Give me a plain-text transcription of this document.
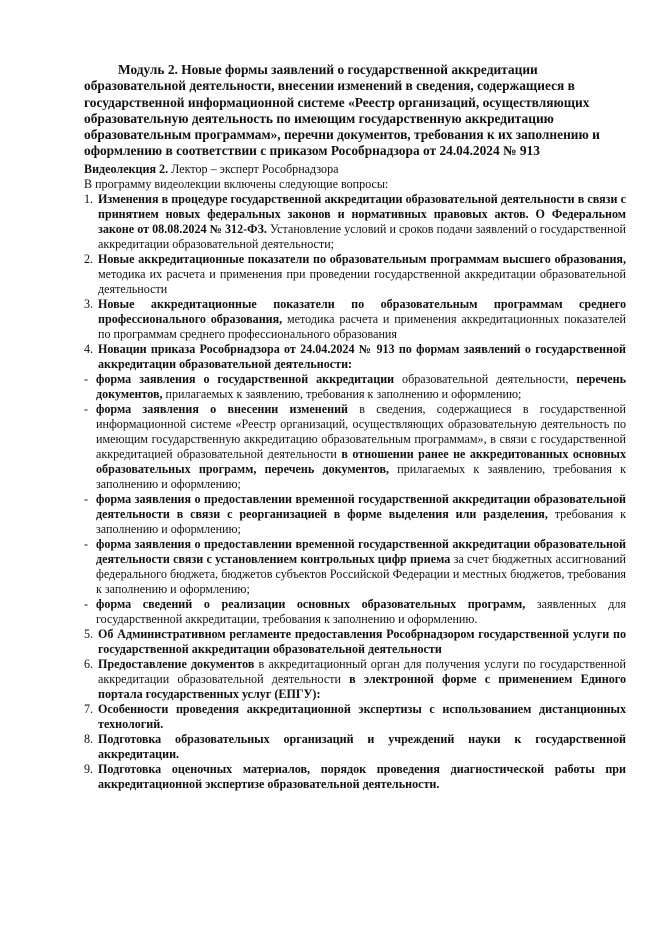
Модуль 2. Новые формы заявлений о государственной аккредитации образовательной деятельности, внесении изменений в сведения, содержащиеся в государственной информационной системе «Реестр организаций, осуществляющих образовательную деятельность по имеющим государственную аккредитацию образовательным программам», перечни документов, требования к их заполнению и оформлению в соответствии с приказом Рособрнадзора от 24.04.2024 № 913

Видеолекция 2. Лектор – эксперт Рособрнадзора

В программу видеолекции включены следующие вопросы:

1. Изменения в процедуре государственной аккредитации образовательной деятельности в связи с принятием новых федеральных законов и нормативных правовых актов. О Федеральном законе от 08.08.2024 № 312-ФЗ. Установление условий и сроков подачи заявлений о государственной аккредитации образовательной деятельности;
2. Новые аккредитационные показатели по образовательным программам высшего образования, методика их расчета и применения при проведении государственной аккредитации образовательной деятельности
3. Новые аккредитационные показатели по образовательным программам среднего профессионального образования, методика расчета и применения аккредитационных показателей по программам среднего профессионального образования
4. Новации приказа Рособрнадзора от 24.04.2024 № 913 по формам заявлений о государственной аккредитации образовательной деятельности:
- форма заявления о государственной аккредитации образовательной деятельности, перечень документов, прилагаемых к заявлению, требования к заполнению и оформлению;
- форма заявления о внесении изменений в сведения, содержащиеся в государственной информационной системе «Реестр организаций, осуществляющих образовательную деятельность по имеющим государственную аккредитацию образовательным программам», в связи с государственной аккредитацией образовательной деятельности в отношении ранее не аккредитованных основных образовательных программ, перечень документов, прилагаемых к заявлению, требования к заполнению и оформлению;
- форма заявления о предоставлении временной государственной аккредитации образовательной деятельности в связи с реорганизацией в форме выделения или разделения, требования к заполнению и оформлению;
- форма заявления о предоставлении временной государственной аккредитации образовательной деятельности связи с установлением контрольных цифр приема за счет бюджетных ассигнований федерального бюджета, бюджетов субъектов Российской Федерации и местных бюджетов, требования к заполнению и оформлению;
- форма сведений о реализации основных образовательных программ, заявленных для государственной аккредитации, требования к заполнению и оформлению.
5. Об Административном регламенте предоставления Рособрнадзором государственной услуги по государственной аккредитации образовательной деятельности
6. Предоставление документов в аккредитационный орган для получения услуги по государственной аккредитации образовательной деятельности в электронной форме с применением Единого портала государственных услуг (ЕПГУ):
7. Особенности проведения аккредитационной экспертизы с использованием дистанционных технологий.
8. Подготовка образовательных организаций и учреждений науки к государственной аккредитации.
9. Подготовка оценочных материалов, порядок проведения диагностической работы при аккредитационной экспертизе образовательной деятельности.
